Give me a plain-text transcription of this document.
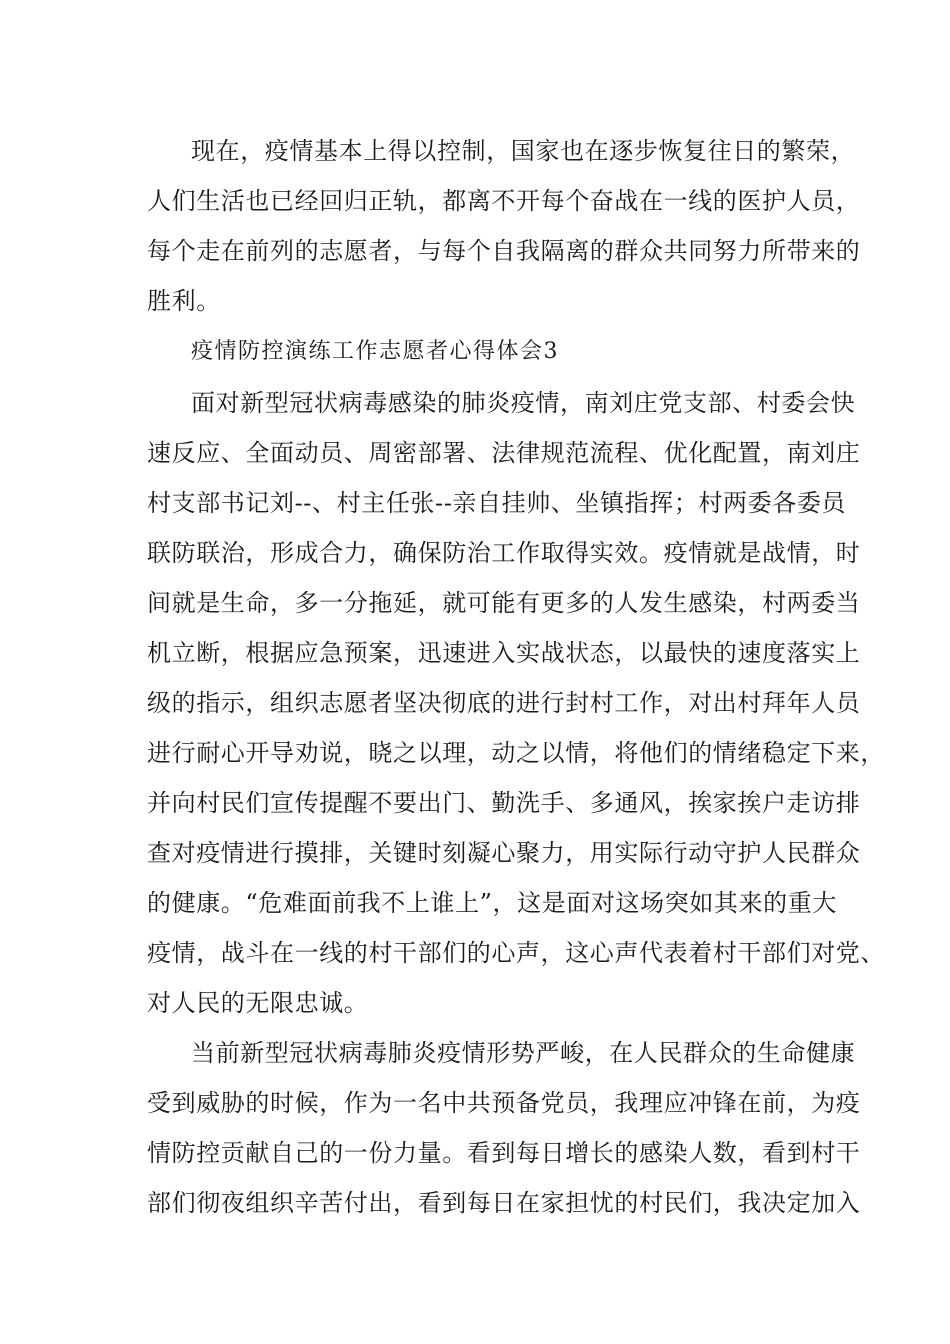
现在，疫情基本上得以控制，国家也在逐步恢复往日的繁荣，
人们生活也已经回归正轨，都离不开每个奋战在一线的医护人员，
每个走在前列的志愿者，与每个自我隔离的群众共同努力所带来的
胜利。
疫情防控演练工作志愿者心得体会3
面对新型冠状病毒感染的肺炎疫情，南刘庄党支部、村委会快
速反应、全面动员、周密部署、法律规范流程、优化配置，南刘庄
村支部书记刘--、村主任张--亲自挂帅、坐镇指挥；村两委各委员
联防联治，形成合力，确保防治工作取得实效。疫情就是战情，时
间就是生命，多一分拖延，就可能有更多的人发生感染，村两委当
机立断，根据应急预案，迅速进入实战状态，以最快的速度落实上
级的指示，组织志愿者坚决彻底的进行封村工作，对出村拜年人员
进行耐心开导劝说，晓之以理，动之以情，将他们的情绪稳定下来，
并向村民们宣传提醒不要出门、勤洗手、多通风，挨家挨户走访排
查对疫情进行摸排，关键时刻凝心聚力，用实际行动守护人民群众
的健康。“危难面前我不上谁上”，这是面对这场突如其来的重大
疫情，战斗在一线的村干部们的心声，这心声代表着村干部们对党、
对人民的无限忠诚。
当前新型冠状病毒肺炎疫情形势严峻，在人民群众的生命健康
受到威胁的时候，作为一名中共预备党员，我理应冲锋在前，为疫
情防控贡献自己的一份力量。看到每日增长的感染人数，看到村干
部们彻夜组织辛苦付出，看到每日在家担忧的村民们，我决定加入
